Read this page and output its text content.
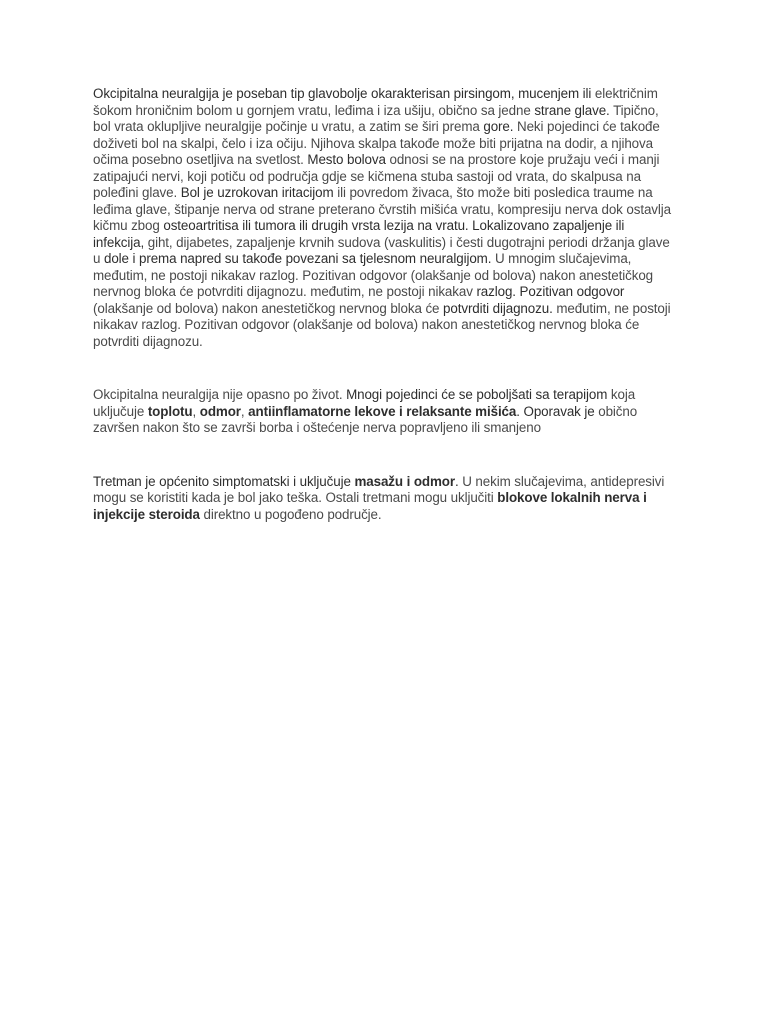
Okcipitalna neuralgija je poseban tip glavobolje okarakterisan pirsingom, mucenjem ili električnim šokom hroničnim bolom u gornjem vratu, leđima i iza ušiju, obično sa jedne strane glave. Tipično, bol vrata oklupljive neuralgije počinje u vratu, a zatim se širi prema gore. Neki pojedinci će takođe doživeti bol na skalpi, čelo i iza očiju. Njihova skalpa takođe može biti prijatna na dodir, a njihova očima posebno osetljiva na svetlost. Mesto bolova odnosi se na prostore koje pružaju veći i manji zatipajući nervi, koji potiču od područja gdje se kičmena stuba sastoji od vrata, do skalpusa na poleđini glave. Bol je uzrokovan iritacijom ili povredom živaca, što može biti posledica traume na leđima glave, štipanje nerva od strane preterano čvrstih mišića vratu, kompresiju nerva dok ostavlja kičmu zbog osteoartritisa ili tumora ili drugih vrsta lezija na vratu. Lokalizovano zapaljenje ili infekcija, giht, dijabetes, zapaljenje krvnih sudova (vaskulitis) i česti dugotrajni periodi držanja glave u dole i prema napred su takođe povezani sa tjelesnom neuralgijom. U mnogim slučajevima, međutim, ne postoji nikakav razlog. Pozitivan odgovor (olakšanje od bolova) nakon anestetičkog nervnog bloka će potvrditi dijagnozu. međutim, ne postoji nikakav razlog. Pozitivan odgovor (olakšanje od bolova) nakon anestetičkog nervnog bloka će potvrditi dijagnozu. međutim, ne postoji nikakav razlog. Pozitivan odgovor (olakšanje od bolova) nakon anestetičkog nervnog bloka će potvrditi dijagnozu.

Okcipitalna neuralgija nije opasno po život. Mnogi pojedinci će se poboljšati sa terapijom koja uključuje toplotu, odmor, antiinflamatorne lekove i relaksante mišića. Oporavak je obično završen nakon što se završi borba i oštećenje nerva popravljeno ili smanjeno

Tretman je općenito simptomatski i uključuje masažu i odmor. U nekim slučajevima, antidepresivi mogu se koristiti kada je bol jako teška. Ostali tretmani mogu uključiti blokove lokalnih nerva i injekcije steroida direktno u pogođeno područje.
